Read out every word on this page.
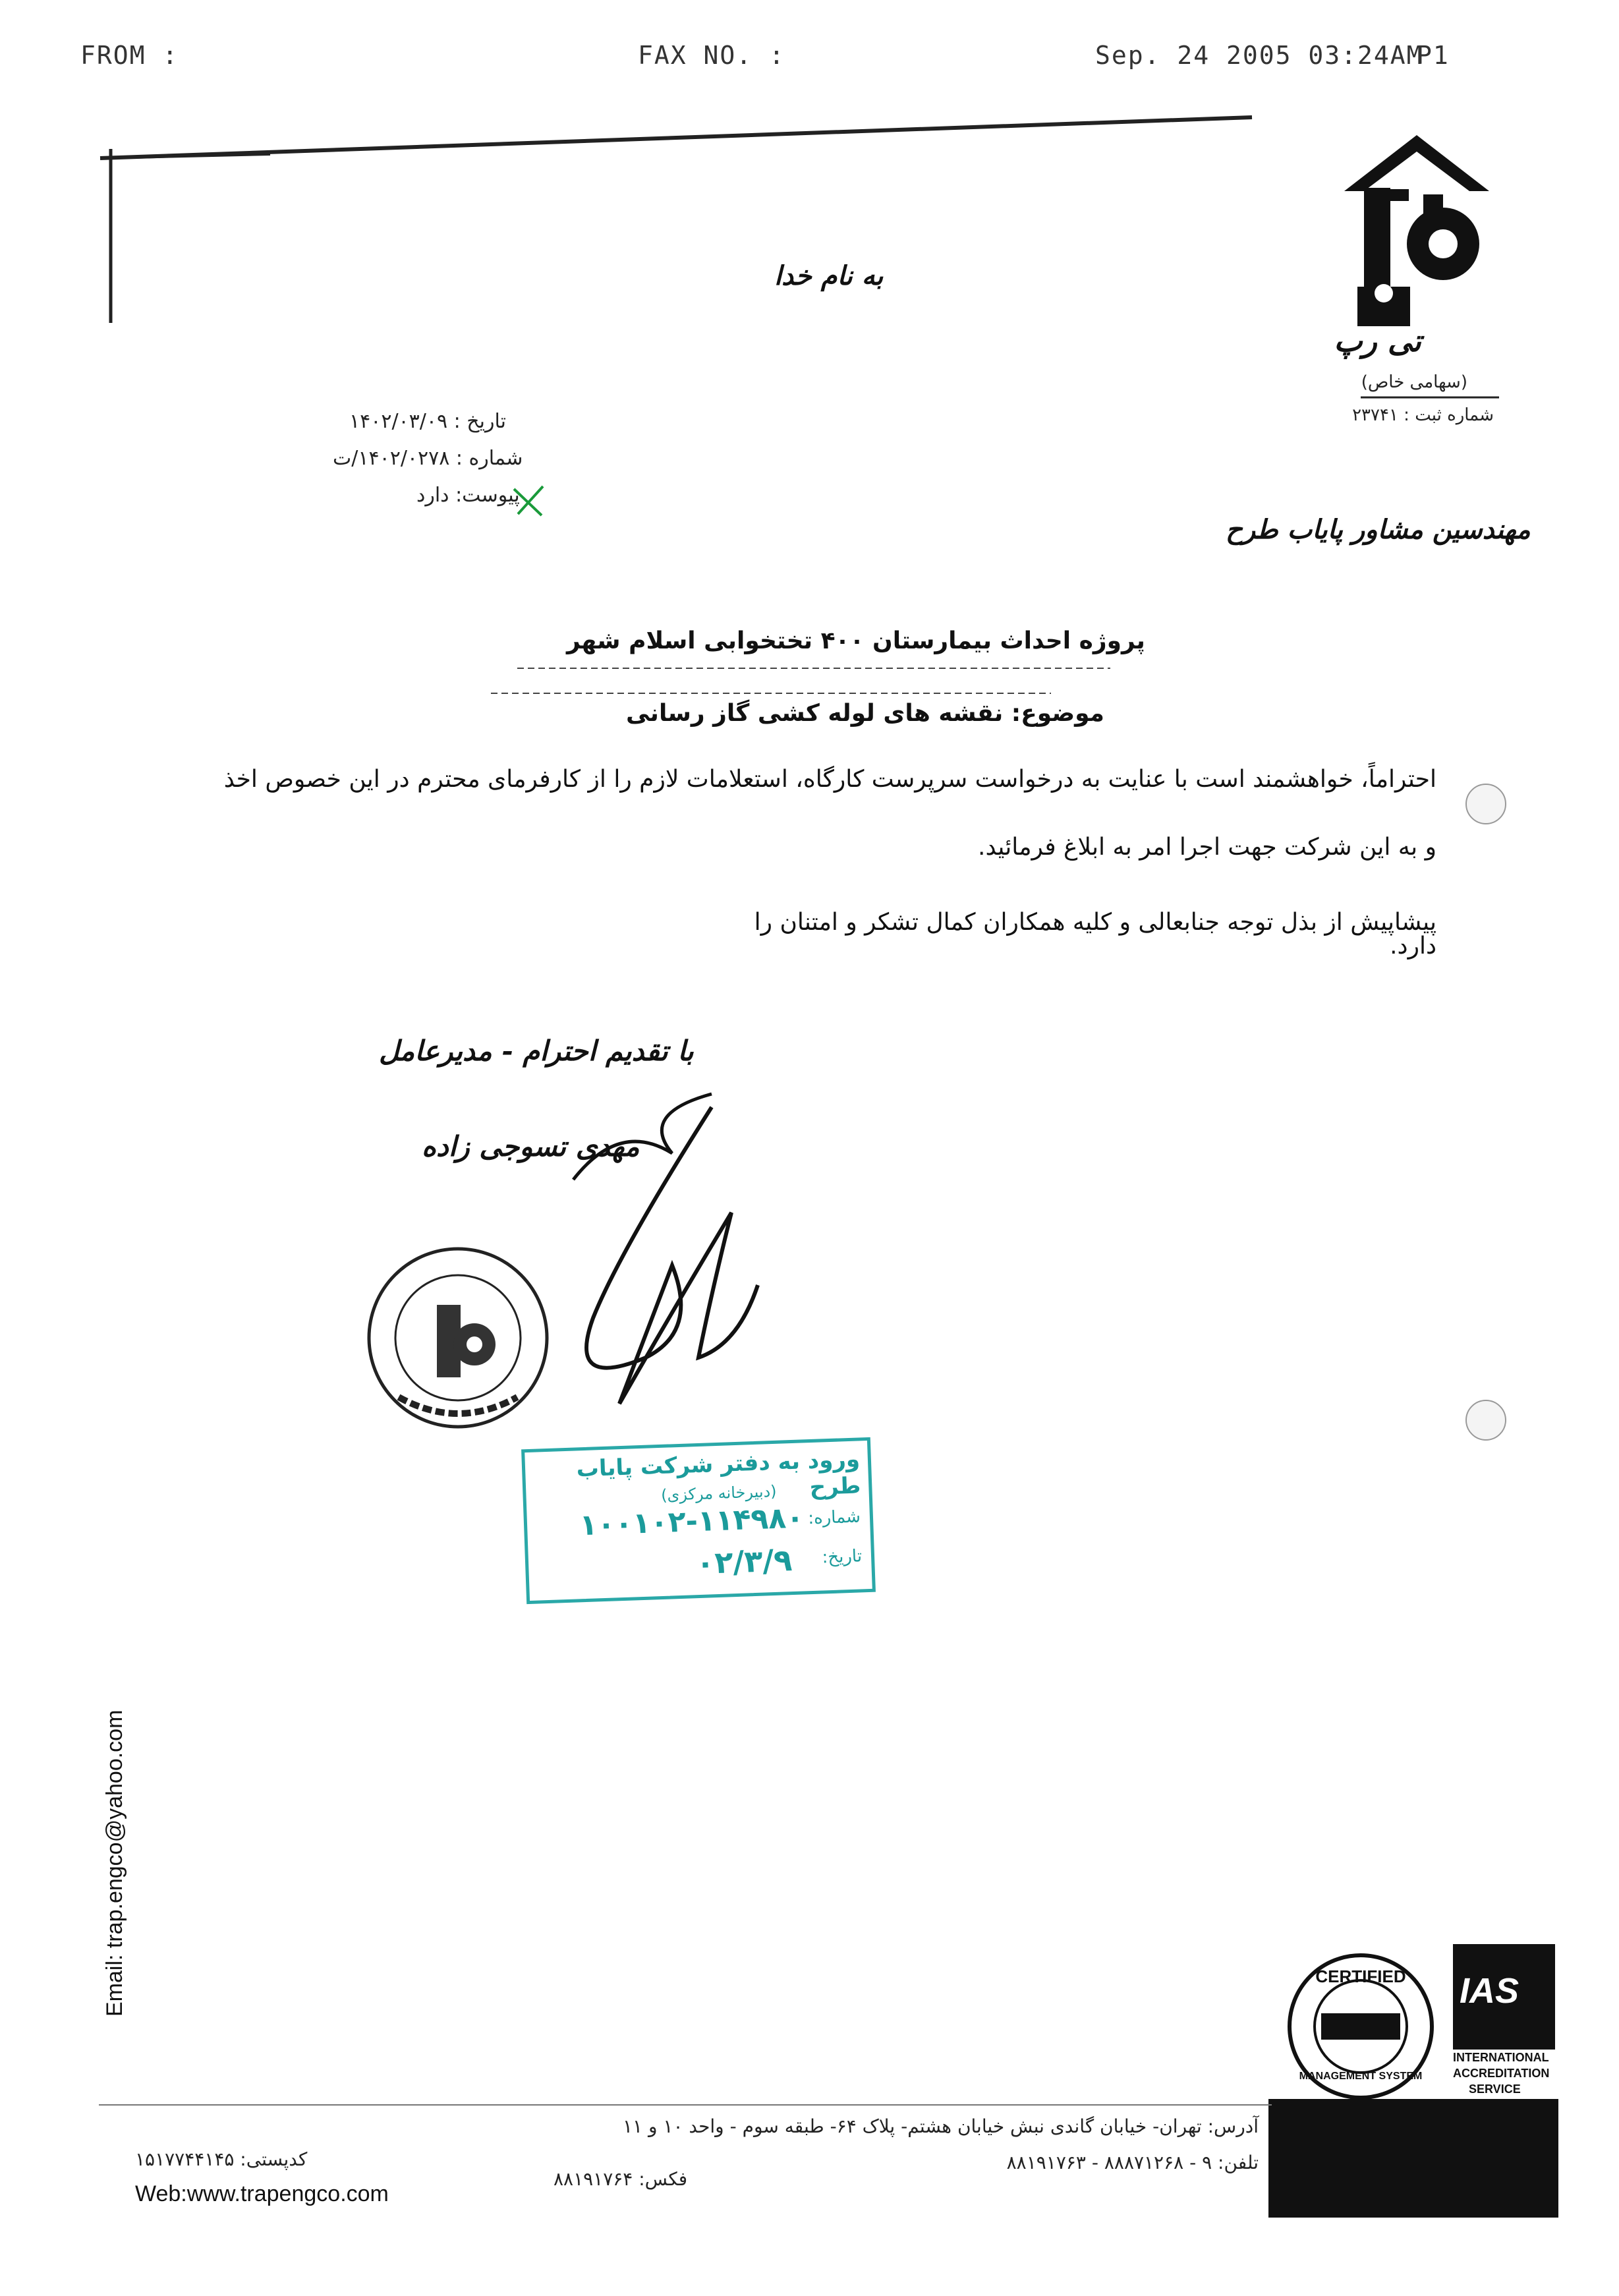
FROM :	FAX NO. :	Sep. 24 2005 03:24AM
P1
تی رپ
(سهامی خاص)
شماره ثبت : ۲۳۷۴۱
به نام خدا
تاریخ : ۱۴۰۲/۰۳/۰۹
شماره : ۱۴۰۲/۰۲۷۸/ت
پیوست: دارد
مهندسین مشاور پایاب طرح
پروژه احداث بیمارستان ۴۰۰ تختخوابی اسلام شهر
موضوع: نقشه های لوله کشی گاز رسانی
احتراماً، خواهشمند است با عنایت به درخواست سرپرست کارگاه، استعلامات لازم را از کارفرمای محترم در این خصوص اخذ
و به این شرکت جهت اجرا امر به ابلاغ فرمائید.
پیشاپیش از بذل توجه جنابعالی و کلیه همکاران کمال تشکر و امتنان را دارد.
با تقدیم احترام - مدیرعامل
مهدی تسوجی زاده
ورود به دفتر شرکت پایاب طرح
(دبیرخانه مرکزی)
شماره:
۱۰۰۱۰۲-۱۱۴۹۸۰
تاریخ:
۰۲/۳/۹
Email: trap.engco@yahoo.com	CERTIFIED
MANAGEMENT SYSTEM
IAS
INTERNATIONAL
ACCREDITATION
SERVICE
آدرس: تهران- خیابان گاندی نبش خیابان هشتم- پلاک ۶۴- طبقه سوم - واحد ۱۰ و ۱۱
تلفن: ۹ - ۸۸۸۷۱۲۶۸ - ۸۸۱۹۱۷۶۳
فکس: ۸۸۱۹۱۷۶۴
کدپستی: ۱۵۱۷۷۴۴۱۴۵
Web:www.trapengco.com
